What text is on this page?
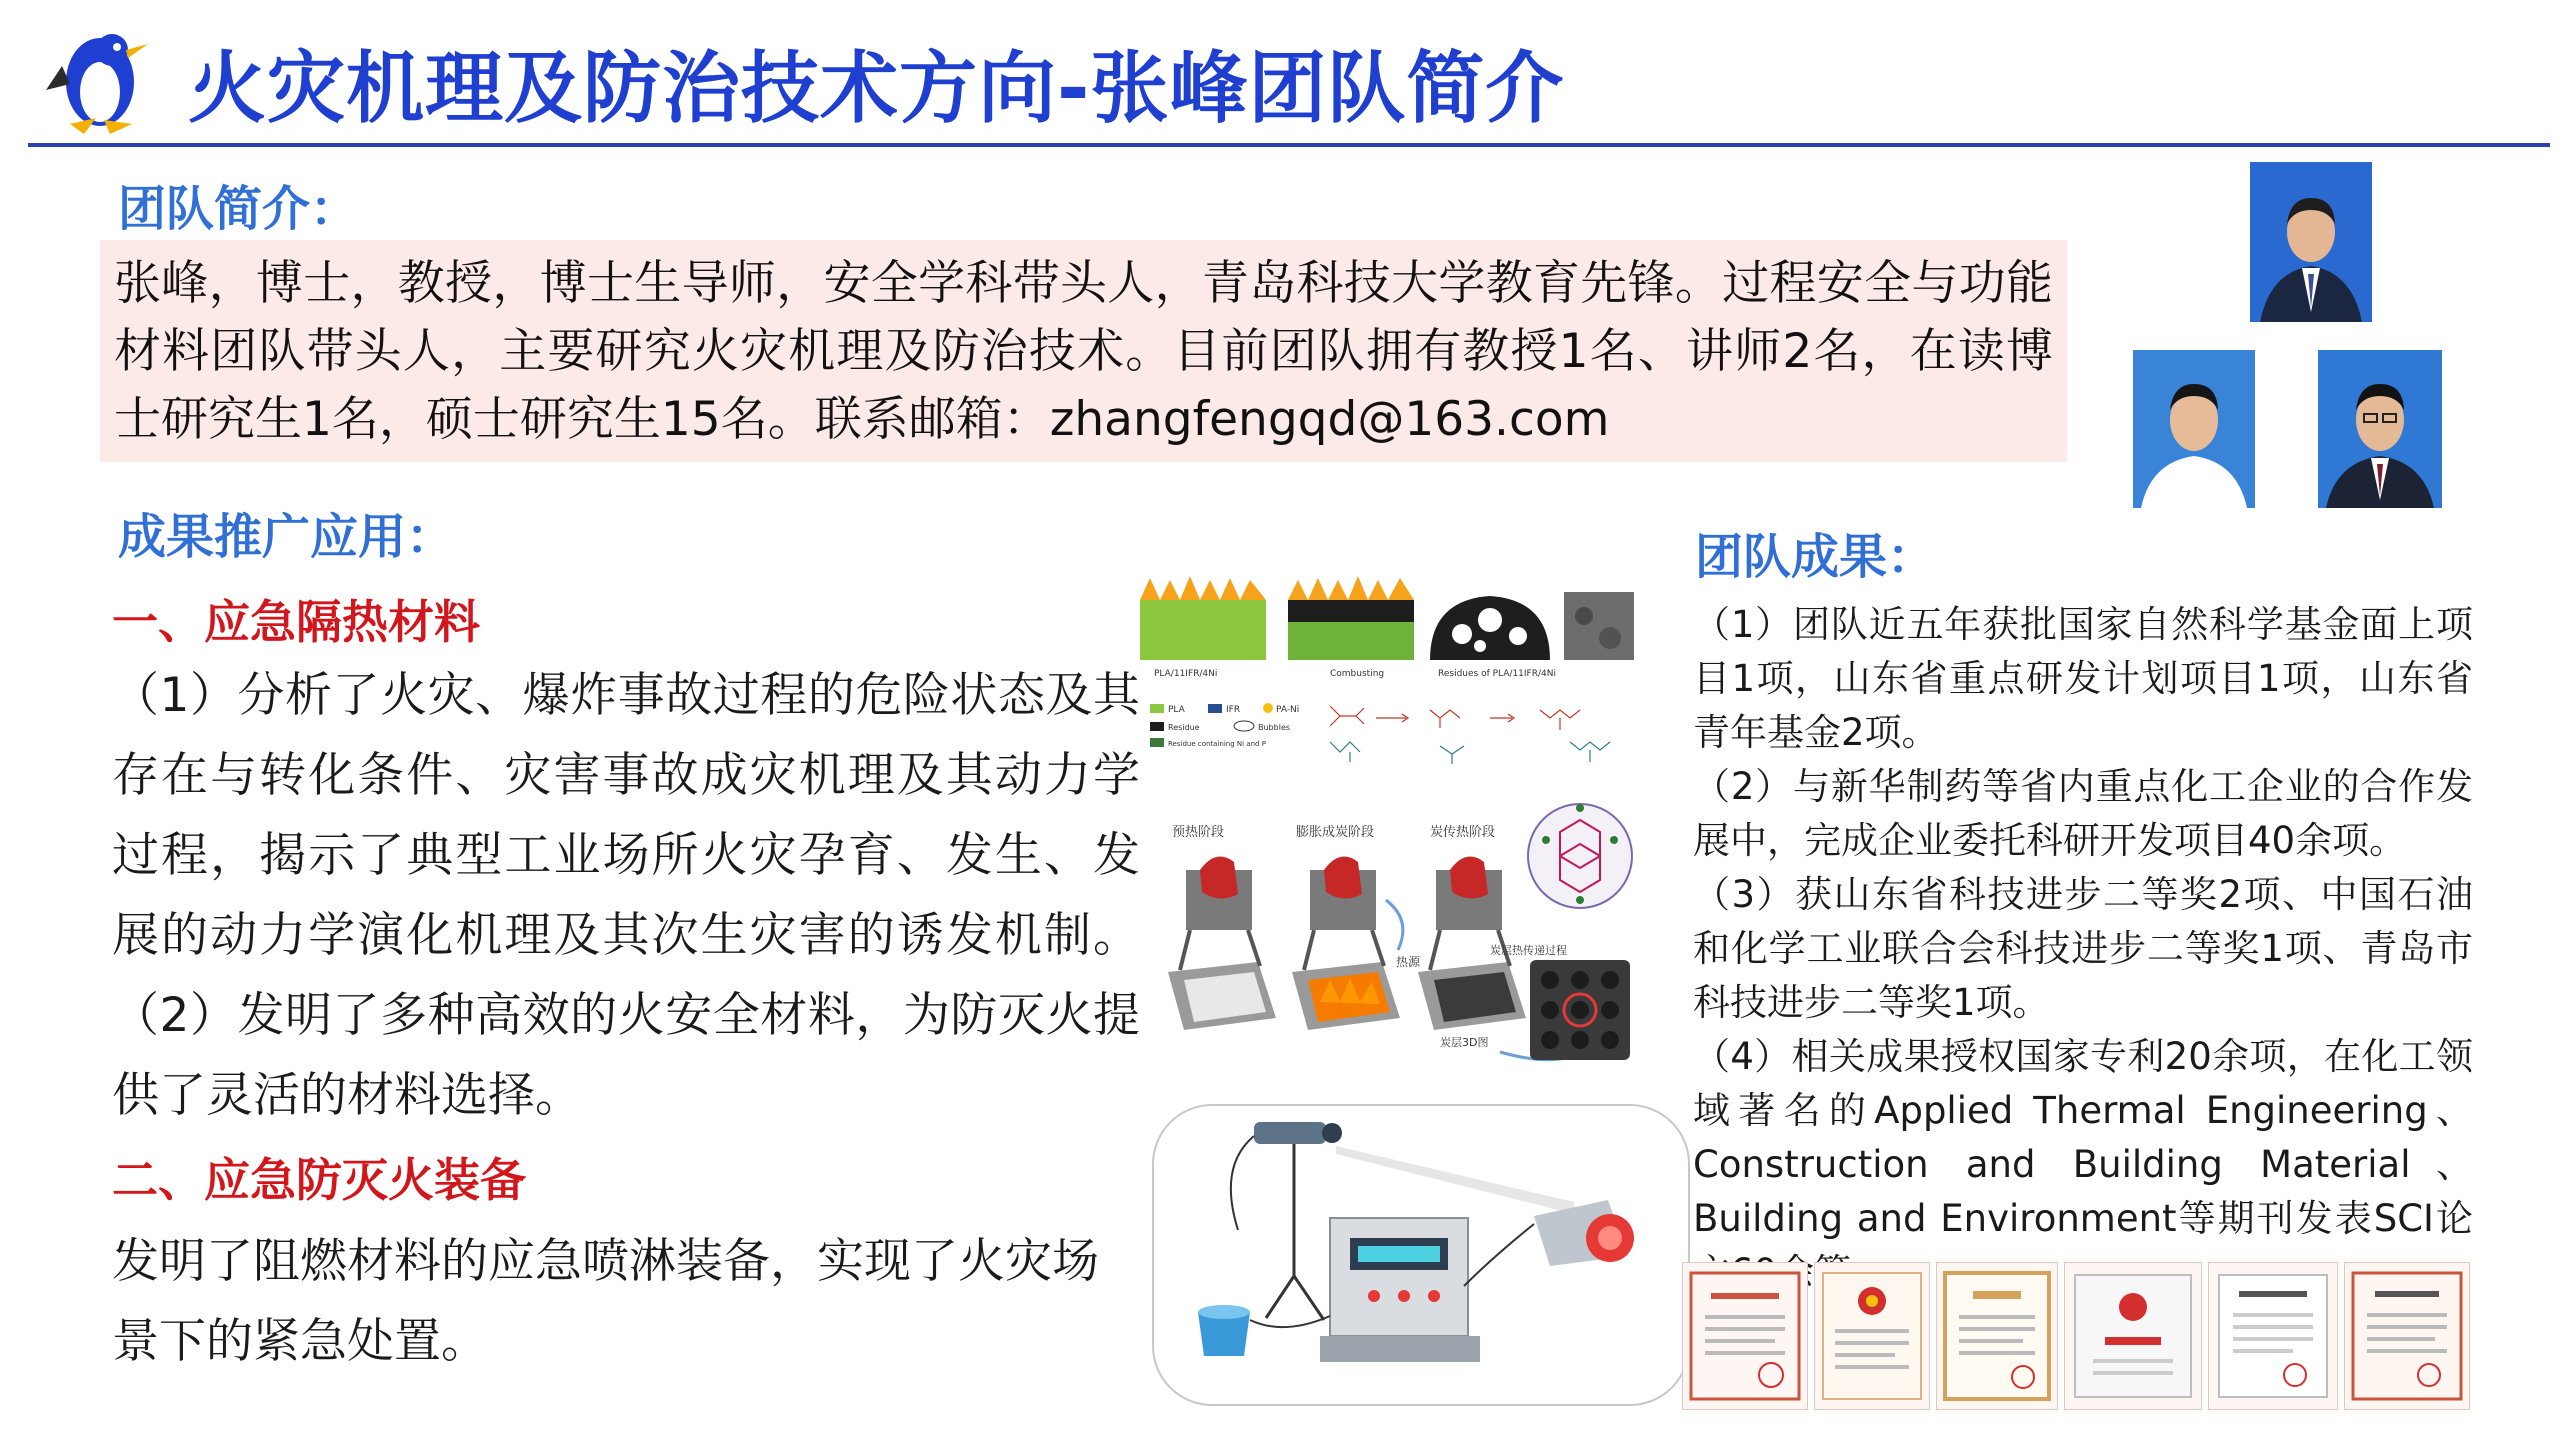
火灾机理及防治技术方向-张峰团队简介
团队简介：

张峰，博士，教授，博士生导师，安全学科带头人，青岛科技大学教育先锋。过程安全与功能材料团队带头人，主要研究火灾机理及防治技术。目前团队拥有教授1名、讲师2名，在读博士研究生1名，硕士研究生15名。联系邮箱：zhangfengqd@163.com

成果推广应用：
一、应急隔热材料

（1）分析了火灾、爆炸事故过程的危险状态及其存在与转化条件、灾害事故成灾机理及其动力学过程，揭示了典型工业场所火灾孕育、发生、发展的动力学演化机理及其次生灾害的诱发机制。（2）发明了多种高效的火安全材料，为防灭火提供了灵活的材料选择。

二、应急防灭火装备

发明了阻燃材料的应急喷淋装备，实现了火灾场景下的紧急处置。

PLA/11IFR/4Ni	Combusting	Residues of PLA/11IFR/4Ni
PLA	IFR	PA-Ni
Residue	Bubbles
Residue containing Ni and P
预热阶段	膨胀成炭阶段	炭传热阶段
热源
炭层热传递过程
炭层3D图
团队成果：
（1）团队近五年获批国家自然科学基金面上项目1项，山东省重点研发计划项目1项，山东省青年基金2项。
（2）与新华制药等省内重点化工企业的合作发展中，完成企业委托科研开发项目40余项。
（3）获山东省科技进步二等奖2项、中国石油和化学工业联合会科技进步二等奖1项、青岛市科技进步二等奖1项。
（4）相关成果授权国家专利20余项，在化工领域著名的Applied Thermal Engineering、Construction and Building Material、Building and Environment等期刊发表SCI论
